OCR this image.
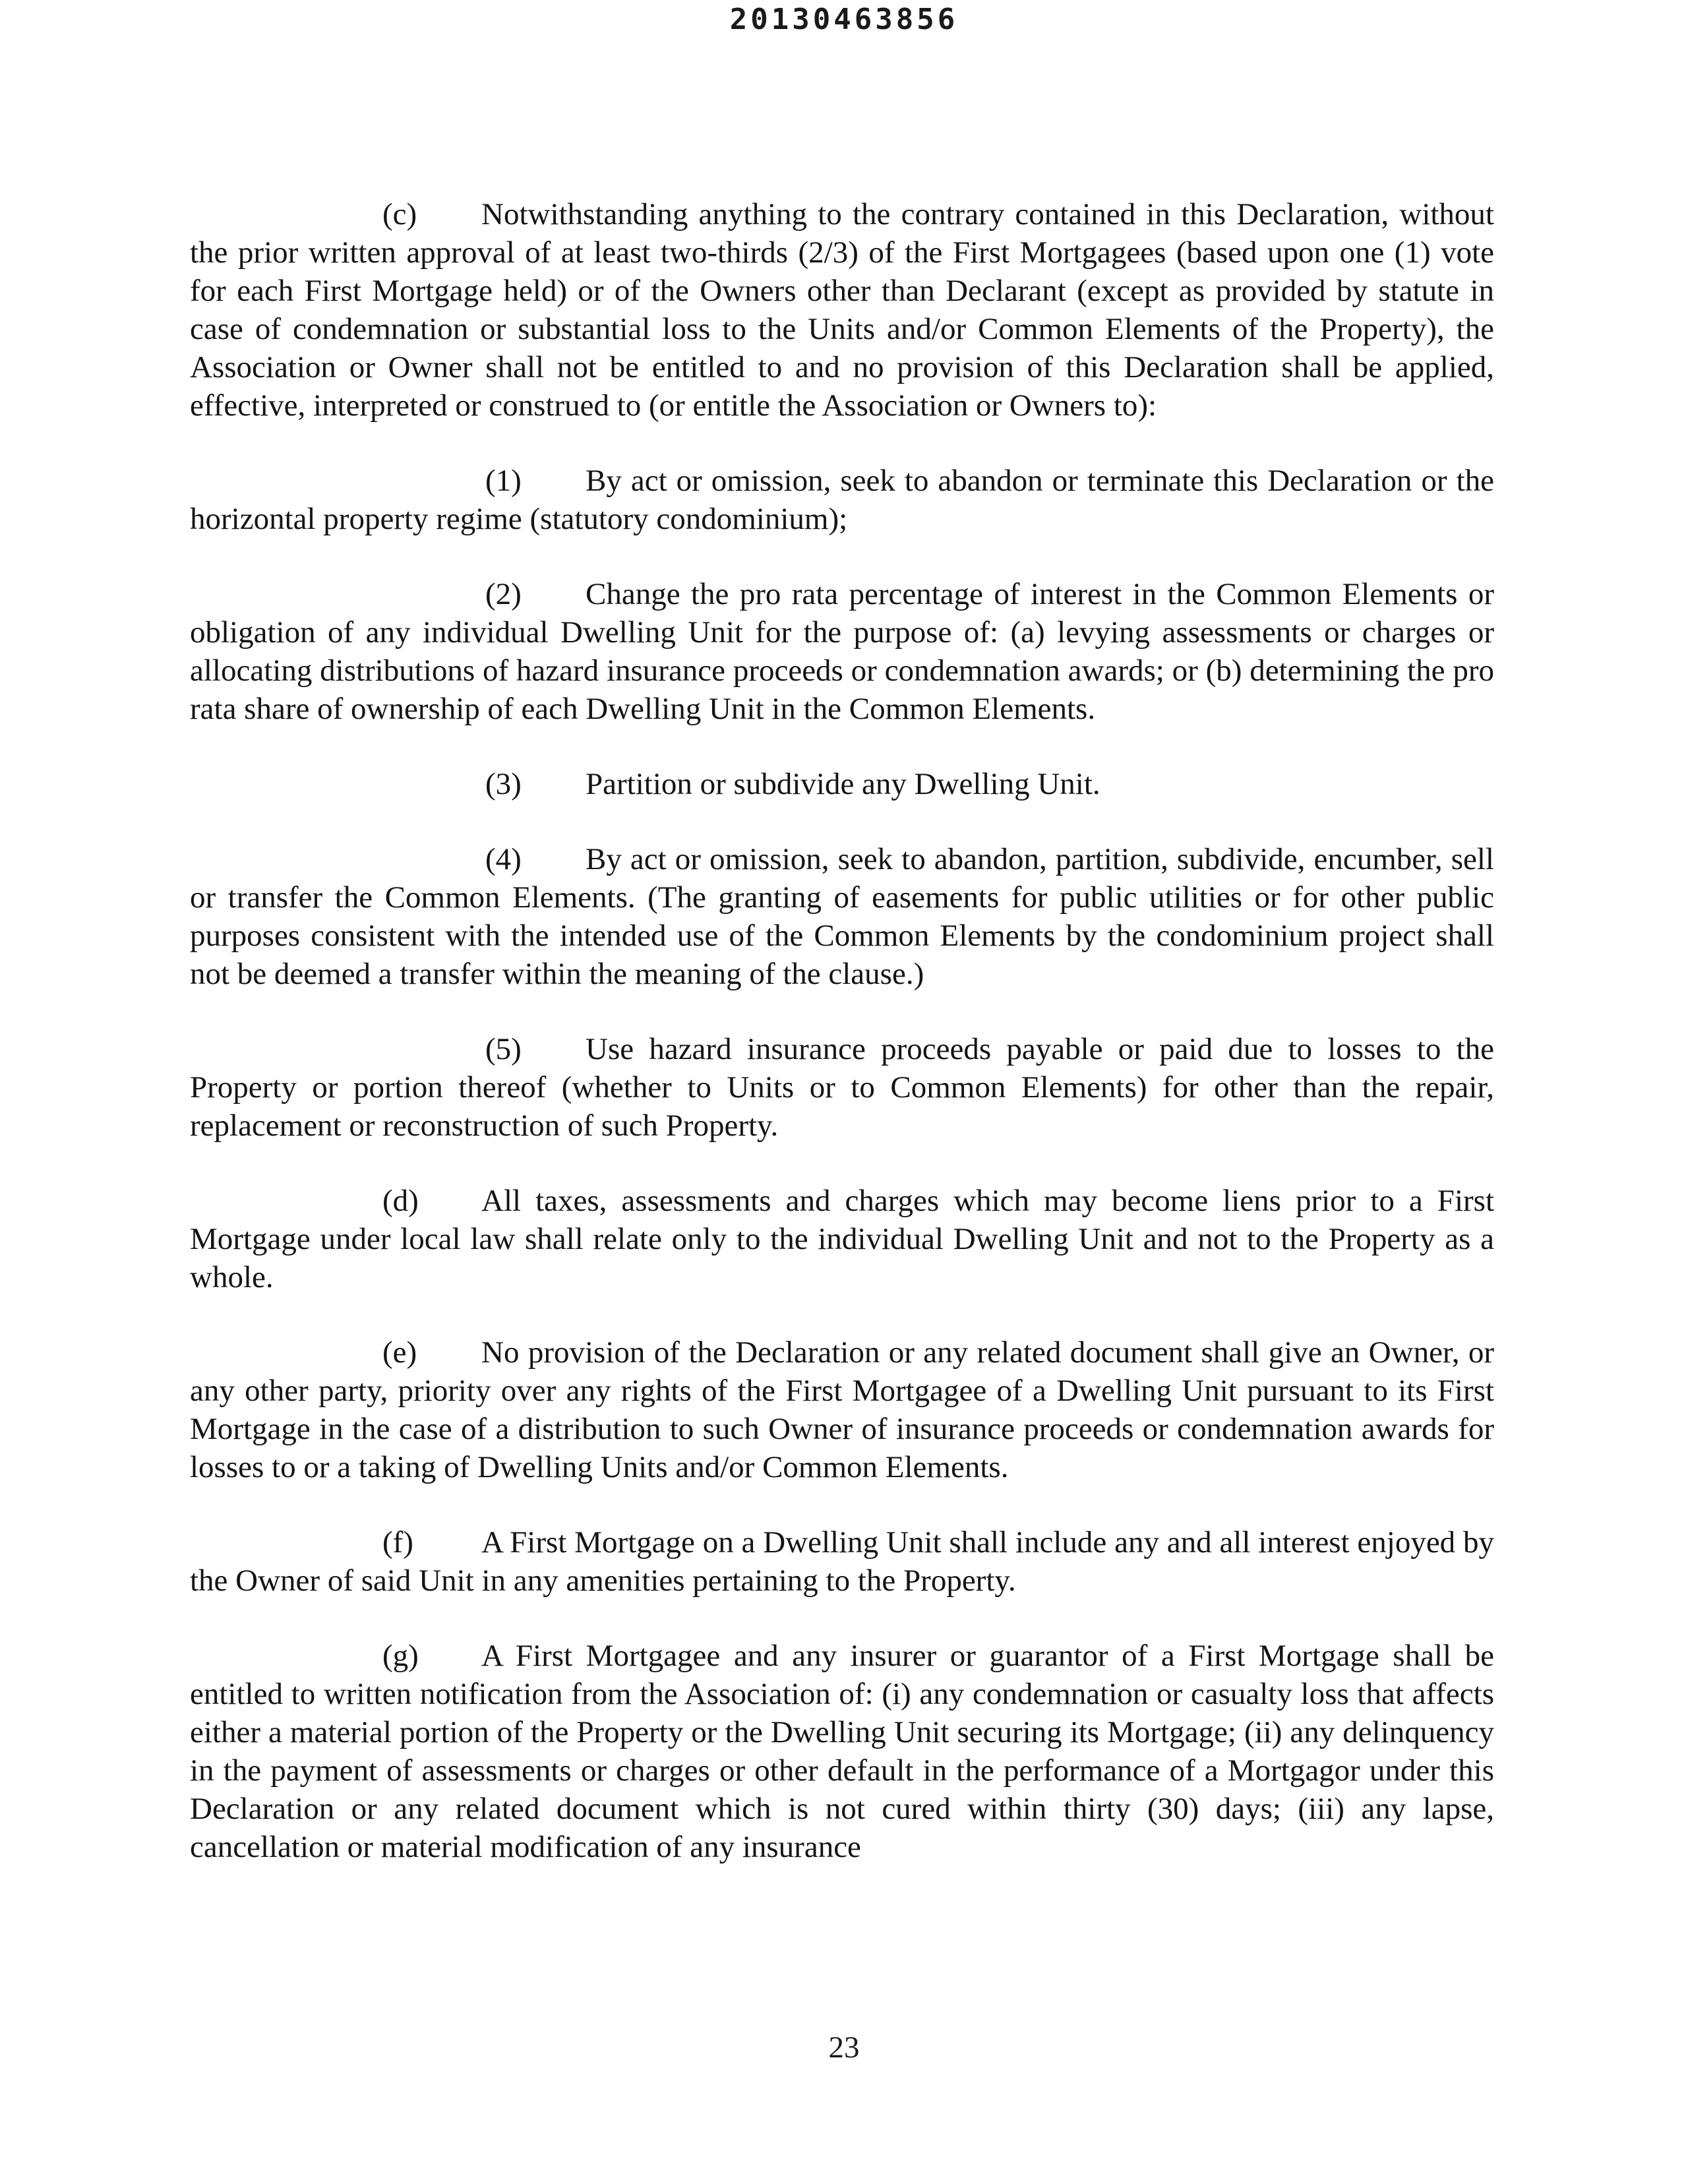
20130463856

(c) Notwithstanding anything to the contrary contained in this Declaration, without the prior written approval of at least two-thirds (2/3) of the First Mortgagees (based upon one (1) vote for each First Mortgage held) or of the Owners other than Declarant (except as provided by statute in case of condemnation or substantial loss to the Units and/or Common Elements of the Property), the Association or Owner shall not be entitled to and no provision of this Declaration shall be applied, effective, interpreted or construed to (or entitle the Association or Owners to):

(1) By act or omission, seek to abandon or terminate this Declaration or the horizontal property regime (statutory condominium);

(2) Change the pro rata percentage of interest in the Common Elements or obligation of any individual Dwelling Unit for the purpose of: (a) levying assessments or charges or allocating distributions of hazard insurance proceeds or condemnation awards; or (b) determining the pro rata share of ownership of each Dwelling Unit in the Common Elements.

(3) Partition or subdivide any Dwelling Unit.

(4) By act or omission, seek to abandon, partition, subdivide, encumber, sell or transfer the Common Elements. (The granting of easements for public utilities or for other public purposes consistent with the intended use of the Common Elements by the condominium project shall not be deemed a transfer within the meaning of the clause.)

(5) Use hazard insurance proceeds payable or paid due to losses to the Property or portion thereof (whether to Units or to Common Elements) for other than the repair, replacement or reconstruction of such Property.

(d) All taxes, assessments and charges which may become liens prior to a First Mortgage under local law shall relate only to the individual Dwelling Unit and not to the Property as a whole.

(e) No provision of the Declaration or any related document shall give an Owner, or any other party, priority over any rights of the First Mortgagee of a Dwelling Unit pursuant to its First Mortgage in the case of a distribution to such Owner of insurance proceeds or condemnation awards for losses to or a taking of Dwelling Units and/or Common Elements.

(f) A First Mortgage on a Dwelling Unit shall include any and all interest enjoyed by the Owner of said Unit in any amenities pertaining to the Property.

(g) A First Mortgagee and any insurer or guarantor of a First Mortgage shall be entitled to written notification from the Association of: (i) any condemnation or casualty loss that affects either a material portion of the Property or the Dwelling Unit securing its Mortgage; (ii) any delinquency in the payment of assessments or charges or other default in the performance of a Mortgagor under this Declaration or any related document which is not cured within thirty (30) days; (iii) any lapse, cancellation or material modification of any insurance

23
